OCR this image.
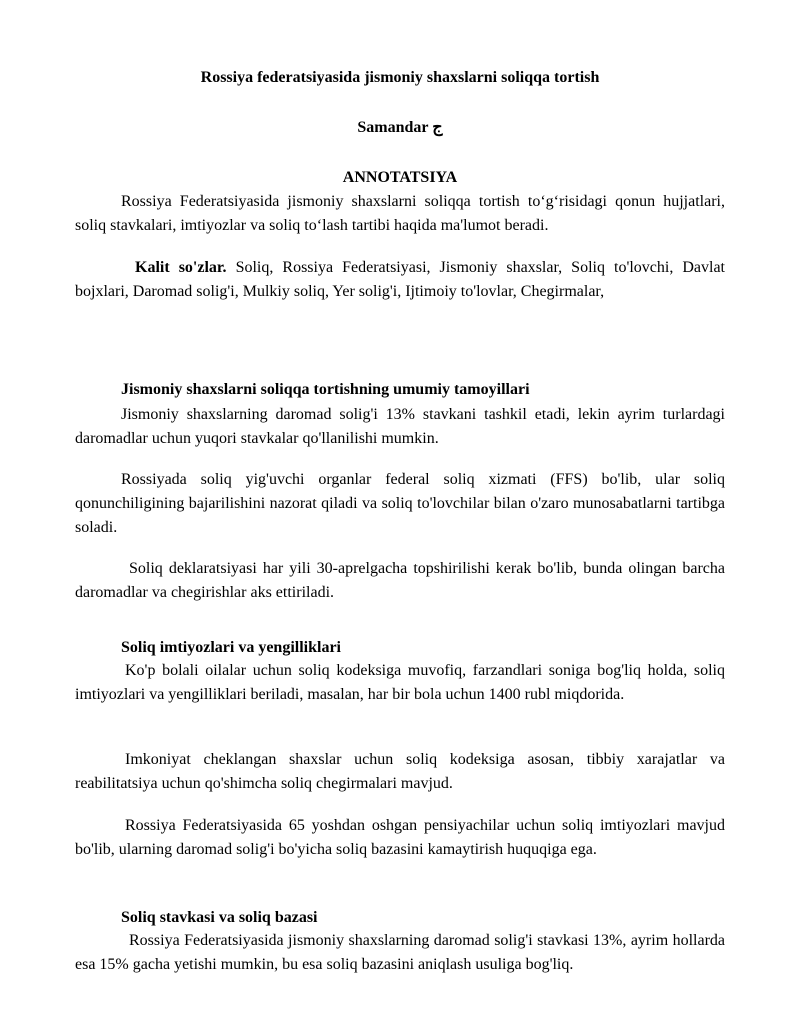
Rossiya federatsiyasida jismoniy shaxslarni soliqqa tortish
Samandar ج
ANNOTATSIYA
Rossiya Federatsiyasida jismoniy shaxslarni soliqqa tortish to‘g‘risidagi qonun hujjatlari, soliq stavkalari, imtiyozlar va soliq to‘lash tartibi haqida ma'lumot beradi.
Kalit so'zlar. Soliq, Rossiya Federatsiyasi, Jismoniy shaxslar, Soliq to'lovchi, Davlat bojxlari, Daromad solig'i, Mulkiy soliq, Yer solig'i, Ijtimoiy to'lovlar, Chegirmalar,
Jismoniy shaxslarni soliqqa tortishning umumiy tamoyillari
Jismoniy shaxslarning daromad solig'i 13% stavkani tashkil etadi, lekin ayrim turlardagi daromadlar uchun yuqori stavkalar qo'llanilishi mumkin.
Rossiyada soliq yig'uvchi organlar federal soliq xizmati (FFS) bo'lib, ular soliq qonunchiligining bajarilishini nazorat qiladi va soliq to'lovchilar bilan o'zaro munosabatlarni tartibga soladi.
Soliq deklaratsiyasi har yili 30-aprelgacha topshirilishi kerak bo'lib, bunda olingan barcha daromadlar va chegirishlar aks ettiriladi.
Soliq imtiyozlari va yengilliklari
Ko'p bolali oilalar uchun soliq kodeksiga muvofiq, farzandlari soniga bog'liq holda, soliq imtiyozlari va yengilliklari beriladi, masalan, har bir bola uchun 1400 rubl miqdorida.
Imkoniyat cheklangan shaxslar uchun soliq kodeksiga asosan, tibbiy xarajatlar va reabilitatsiya uchun qo'shimcha soliq chegirmalari mavjud.
Rossiya Federatsiyasida 65 yoshdan oshgan pensiyachilar uchun soliq imtiyozlari mavjud bo'lib, ularning daromad solig'i bo'yicha soliq bazasini kamaytirish huquqiga ega.
Soliq stavkasi va soliq bazasi
Rossiya Federatsiyasida jismoniy shaxslarning daromad solig'i stavkasi 13%, ayrim hollarda esa 15% gacha yetishi mumkin, bu esa soliq bazasini aniqlash usuliga bog'liq.
